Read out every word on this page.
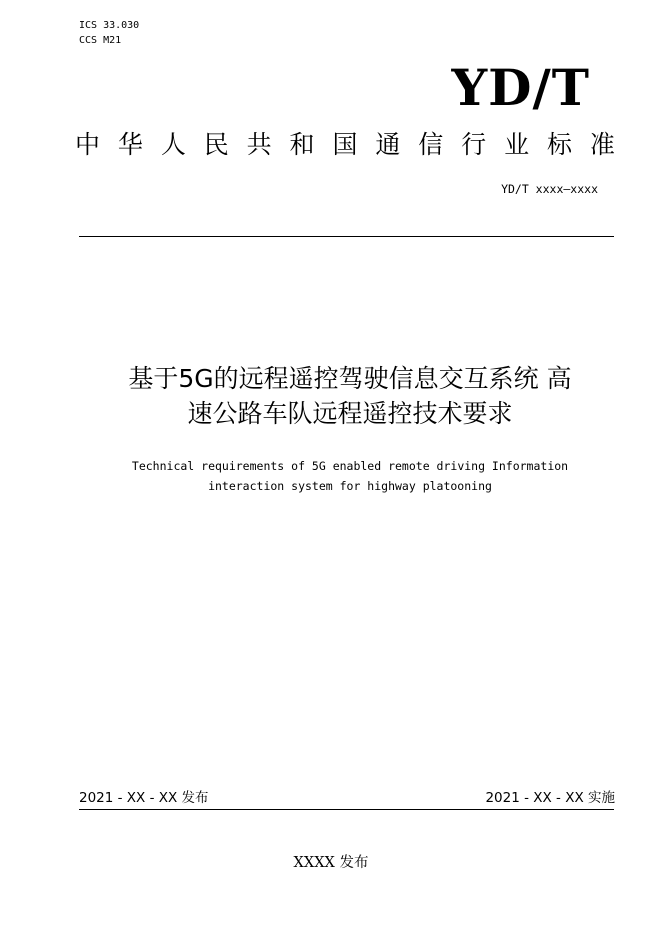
ICS 33.030
CCS M21
YD/T
中 华 人 民 共 和 国 通 信 行 业 标 准
YD/T xxxx—xxxx
基于5G的远程遥控驾驶信息交互系统 高
速公路车队远程遥控技术要求
Technical requirements of 5G enabled remote driving Information
interaction system for highway platooning
2021 - XX - XX 发布	2021 - XX - XX 实施
XXXX 发布
